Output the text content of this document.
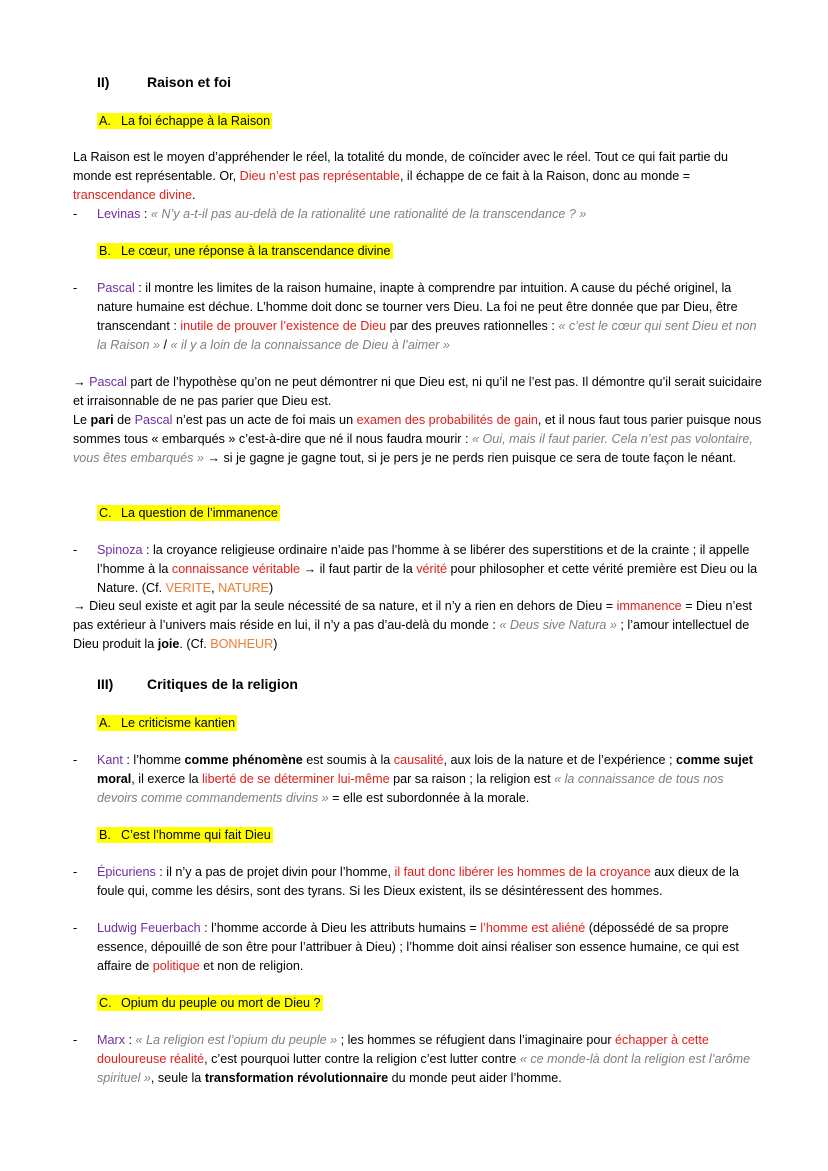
II)	Raison et foi
A. La foi échappe à la Raison
La Raison est le moyen d’appréhender le réel, la totalité du monde, de coïncider avec le réel. Tout ce qui fait partie du monde est représentable. Or, Dieu n’est pas représentable, il échappe de ce fait à la Raison, donc au monde = transcendance divine.
- Levinas : « N’y a-t-il pas au-delà de la rationalité une rationalité de la transcendance ? »
B. Le cœur, une réponse à la transcendance divine
- Pascal : il montre les limites de la raison humaine, inapte à comprendre par intuition. A cause du péché originel, la nature humaine est déchue. L’homme doit donc se tourner vers Dieu. La foi ne peut être donnée que par Dieu, être transcendant : inutile de prouver l’existence de Dieu par des preuves rationnelles : « c’est le cœur qui sent Dieu et non la Raison » / « il y a loin de la connaissance de Dieu à l’aimer »
→ Pascal part de l’hypothèse qu’on ne peut démontrer ni que Dieu est, ni qu’il ne l’est pas. Il démontre qu’il serait suicidaire et irraisonnable de ne pas parier que Dieu est.
Le pari de Pascal n’est pas un acte de foi mais un examen des probabilités de gain, et il nous faut tous parier puisque nous sommes tous « embarqués » c’est-à-dire que né il nous faudra mourir : « Oui, mais il faut parier. Cela n’est pas volontaire, vous êtes embarqués » → si je gagne je gagne tout, si je pers je ne perds rien puisque ce sera de toute façon le néant.
C. La question de l’immanence
- Spinoza : la croyance religieuse ordinaire n’aide pas l’homme à se libérer des superstitions et de la crainte ; il appelle l’homme à la connaissance véritable → il faut partir de la vérité pour philosopher et cette vérité première est Dieu ou la Nature. (Cf. VERITE, NATURE)
→ Dieu seul existe et agit par la seule nécessité de sa nature, et il n’y a rien en dehors de Dieu = immanence = Dieu n’est pas extérieur à l’univers mais réside en lui, il n’y a pas d’au-delà du monde : « Deus sive Natura » ; l’amour intellectuel de Dieu produit la joie. (Cf. BONHEUR)
III) Critiques de la religion
A. Le criticisme kantien
- Kant : l’homme comme phénomène est soumis à la causalité, aux lois de la nature et de l’expérience ; comme sujet moral, il exerce la liberté de se déterminer lui-même par sa raison ; la religion est « la connaissance de tous nos devoirs comme commandements divins » = elle est subordonnée à la morale.
B. C’est l’homme qui fait Dieu
- Épicuriens : il n’y a pas de projet divin pour l’homme, il faut donc libérer les hommes de la croyance aux dieux de la foule qui, comme les désirs, sont des tyrans. Si les Dieux existent, ils se désintéressent des hommes.
- Ludwig Feuerbach : l’homme accorde à Dieu les attributs humains = l’homme est aliéné (dépossédé de sa propre essence, dépouillé de son être pour l’attribuer à Dieu) ; l’homme doit ainsi réaliser son essence humaine, ce qui est affaire de politique et non de religion.
C. Opium du peuple ou mort de Dieu ?
- Marx : « La religion est l’opium du peuple » ; les hommes se réfugient dans l’imaginaire pour échapper à cette douloureuse réalité, c’est pourquoi lutter contre la religion c’est lutter contre « ce monde-là dont la religion est l’arôme spirituel », seule la transformation révolutionnaire du monde peut aider l’homme.
